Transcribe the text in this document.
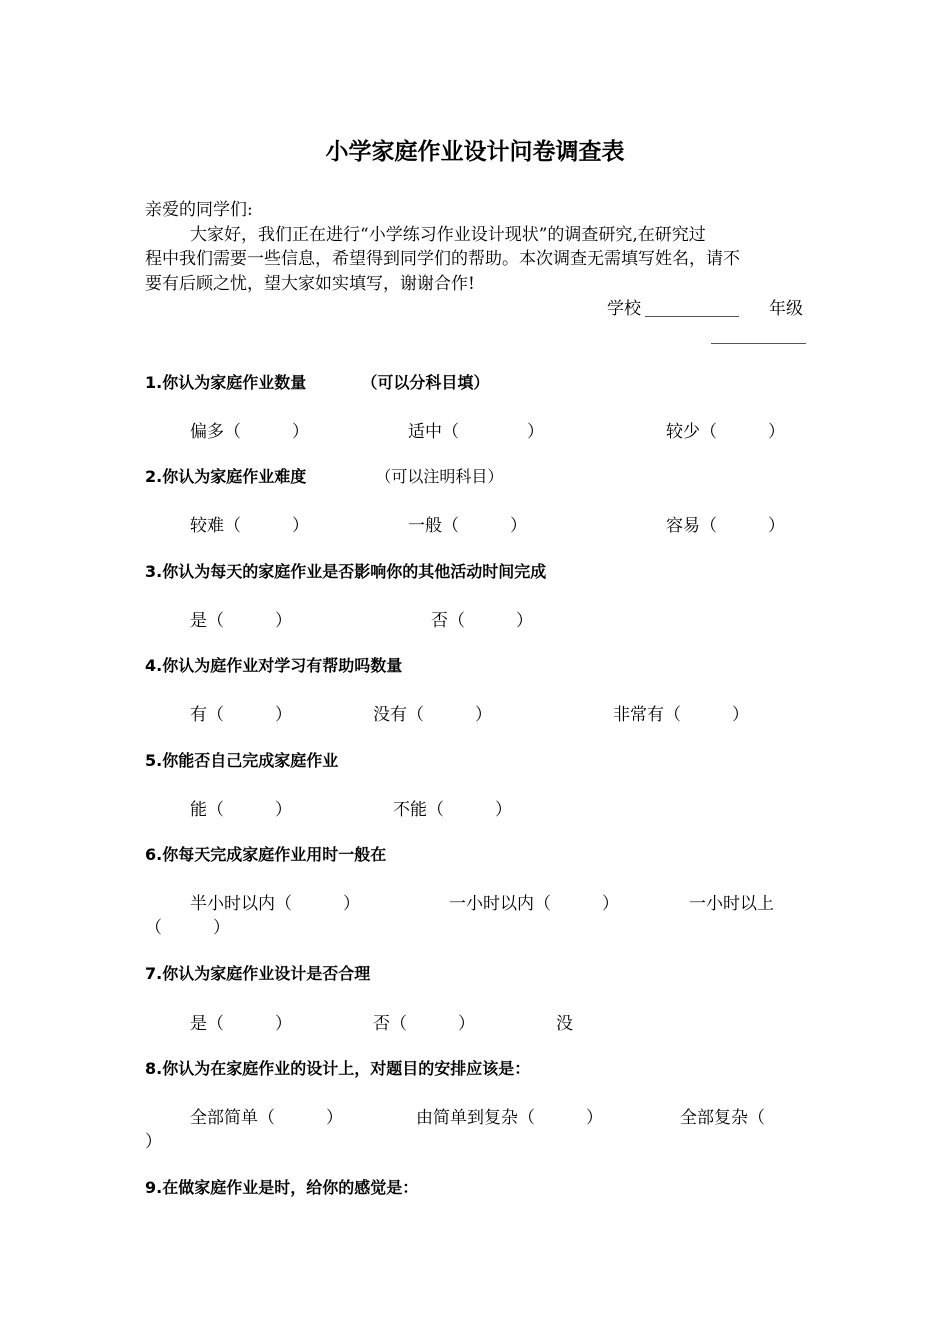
小学家庭作业设计问卷调查表
亲爱的同学们:
大家好，我们正在进行“小学练习作业设计现状”的调查研究,在研究过
程中我们需要一些信息，希望得到同学们的帮助。本次调查无需填写姓名，请不
要有后顾之忧，望大家如实填写，谢谢合作!
学校	年级
1.你认为家庭作业数量	（可以分科目填）
偏多（　　　）	适中（　　　　）	较少（　　　）
2.你认为家庭作业难度	（可以注明科目）
较难（　　　）	一般（　　　）	容易（　　　）
3.你认为每天的家庭作业是否影响你的其他活动时间完成
是（　　　）	否（　　　）
4.你认为庭作业对学习有帮助吗数量
有（　　　）	没有（　　　）	非常有（　　　）
5.你能否自己完成家庭作业
能（　　　）	不能（　　　）
6.你每天完成家庭作业用时一般在
半小时以内（　　　）	一小时以内（　　　）	一小时以上
（　　　）
7.你认为家庭作业设计是否合理
是（　　　）	否（　　　）	没
8.你认为在家庭作业的设计上，对题目的安排应该是：
全部简单（　　　）	由简单到复杂（　　　）	全部复杂（
）
9.在做家庭作业是时，给你的感觉是：
